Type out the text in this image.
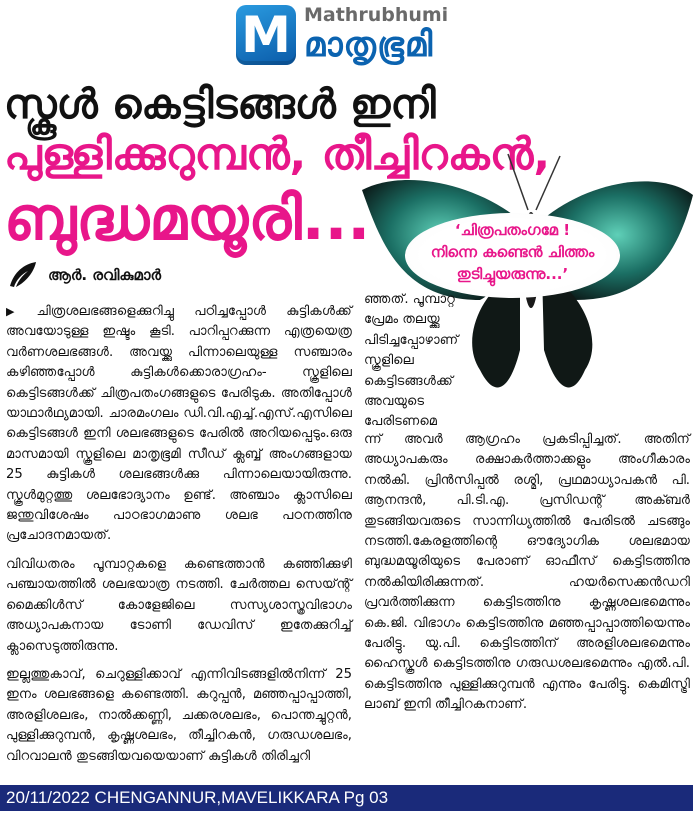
M Mathrubhumi
മാതൃഭൂമി
സ്കൂൾ കെട്ടിടങ്ങൾ ഇനി
പുള്ളിക്കുറുമ്പൻ, തീച്ചിറകൻ,
ബുദ്ധമയൂരി...	‘ചിത്രപതംഗമേ !
നിന്നെ കണ്ടെൻ ചിത്തം
തുടിച്ചുയരുന്നു...’
ആർ. രവികുമാർ

▶ ചിത്രശലഭങ്ങളെക്കുറിച്ചു പഠിച്ചപ്പോൾ കുട്ടികൾക്ക് അവയോടുള്ള ഇഷ്ടം കൂടി. പാറിപ്പറക്കുന്ന എത്രയെത്ര വർണശലഭങ്ങൾ. അവയ്ക്കു പിന്നാലെയുള്ള സഞ്ചാരം കഴിഞ്ഞപ്പോൾ കുട്ടികൾക്കൊരാഗ്രഹം- സ്കൂളിലെ കെട്ടിടങ്ങൾക്ക് ചിത്രപതംഗങ്ങളുടെ പേരിടുക. അതിപ്പോൾ യാഥാർഥ്യമായി. ചാരമംഗലം ഡി.വി.എച്ച്.എസ്.എസിലെ കെട്ടിടങ്ങൾ ഇനി ശലഭങ്ങളുടെ പേരിൽ അറിയപ്പെടും.ഒരു മാസമായി സ്കൂളിലെ മാതൃഭൂമി സീഡ് ക്ലബ്ബ് അംഗങ്ങളായ 25 കുട്ടികൾ ശലഭങ്ങൾക്കു പിന്നാലെയായിരുന്നു. സ്കൂൾമുറ്റത്തു ശലഭോദ്യാനം ഉണ്ട്. അഞ്ചാം ക്ലാസിലെ ജന്തുവിശേഷം പാഠഭാഗമാണു ശലഭ പഠനത്തിനു പ്രചോദനമായത്.

വിവിധതരം പൂമ്പാറ്റകളെ കണ്ടെത്താൻ കഞ്ഞിക്കുഴി പഞ്ചായത്തിൽ ശലഭയാത്ര നടത്തി. ചേർത്തല സെയ്ന്റ് മൈക്കിൾസ് കോളേജിലെ സസ്യശാസ്ത്രവിഭാഗം അധ്യാപകനായ ടോണി ഡേവിസ് ഇതേക്കുറിച്ച് ക്ലാസെടുത്തിരുന്നു.

ഇല്ലത്തുകാവ്, ചെറുള്ളിക്കാവ് എന്നിവിടങ്ങളിൽനിന്ന് 25 ഇനം ശലഭങ്ങളെ കണ്ടെത്തി. കറുപ്പൻ, മഞ്ഞപ്പാപ്പാത്തി, അരളിശലഭം, നാൽക്കണ്ണി, ചക്കരശലഭം, പൊന്തച്ചുറ്റൻ, പുള്ളിക്കുറുമ്പൻ, കൃഷ്ണശലഭം, തീച്ചിറകൻ, ഗരുഡശലഭം, വിറവാലൻ തുടങ്ങിയവയെയാണ് കുട്ടികൾ തിരിച്ചറി

ഞ്ഞത്. പൂമ്പാറ്റ പ്രേമം തലയ്ക്കു പിടിച്ചപ്പോഴാണ് സ്കൂളിലെ കെട്ടിടങ്ങൾക്ക് അവയുടെ പേരിടണമെ

ന്ന് അവർ ആഗ്രഹം പ്രകടിപ്പിച്ചത്. അതിന് അധ്യാപകരും രക്ഷാകർത്താക്കളും അംഗീകാരം നൽകി. പ്രിൻസിപ്പൽ രശ്മി, പ്രഥമാധ്യാപകൻ പി. ആനന്ദൻ, പി.ടി.എ. പ്രസിഡന്റ് അക്ബർ തുടങ്ങിയവരുടെ സാന്നിധ്യത്തിൽ പേരിടൽ ചടങ്ങും നടത്തി.കേരളത്തിന്റെ ഔദ്യോഗിക ശലഭമായ ബുദ്ധമയൂരിയുടെ പേരാണ് ഓഫീസ് കെട്ടിടത്തിനു നൽകിയിരിക്കുന്നത്. ഹയർസെക്കൻഡറി പ്രവർത്തിക്കുന്ന കെട്ടിടത്തിനു കൃഷ്ണശലഭമെന്നും കെ.ജി. വിഭാഗം കെട്ടിടത്തിനു മഞ്ഞപ്പാപ്പാത്തിയെന്നും പേരിട്ടു. യു.പി. കെട്ടിടത്തിന് അരളിശലഭമെന്നും ഹൈസ്കൂൾ കെട്ടിടത്തിനു ഗരുഡശലഭമെന്നും എൽ.പി. കെട്ടിടത്തിനു പുള്ളിക്കുറുമ്പൻ എന്നും പേരിട്ടു. കെമിസ്ട്രി ലാബ് ഇനി തീച്ചിറകനാണ്.

20/11/2022 CHENGANNUR,MAVELIKKARA Pg 03
